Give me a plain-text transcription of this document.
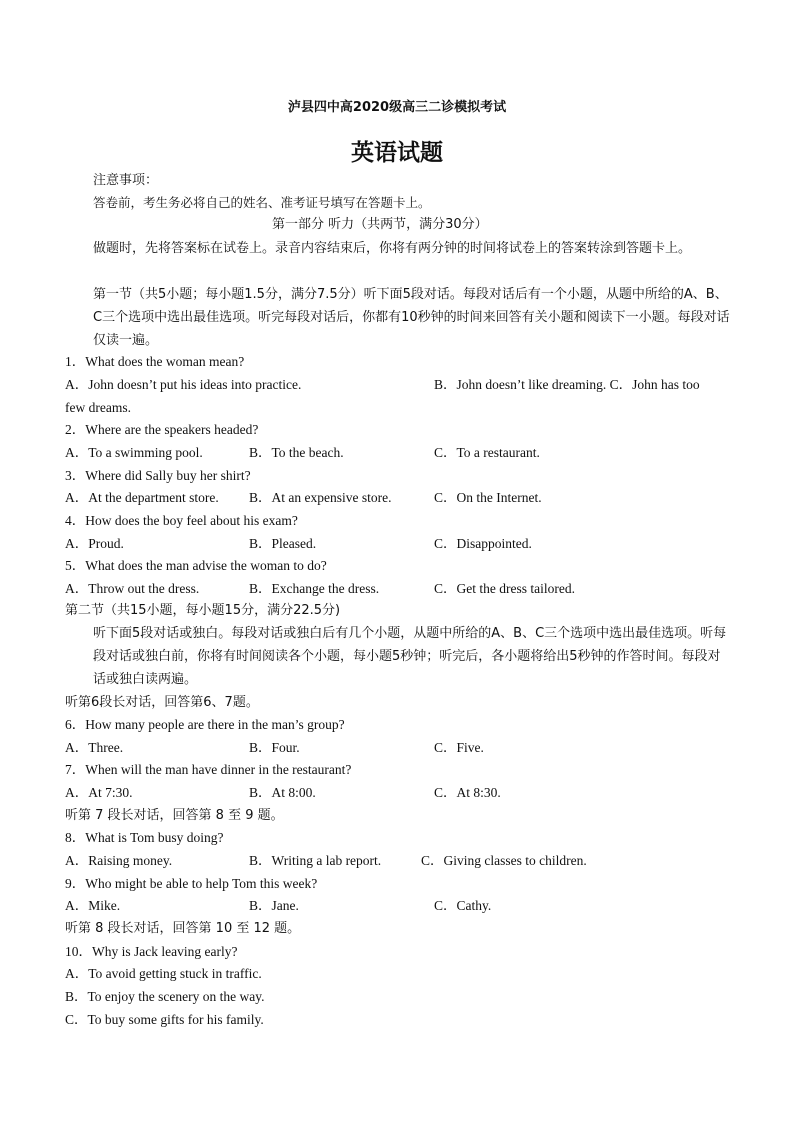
泸县四中高2020级高三二诊模拟考试
英语试题
注意事项：
答卷前，考生务必将自己的姓名、准考证号填写在答题卡上。
第一部分 听力（共两节，满分30分）
做题时，先将答案标在试卷上。录音内容结束后，你将有两分钟的时间将试卷上的答案转涂到答题卡上。
第一节（共5小题；每小题1.5分，满分7.5分）听下面5段对话。每段对话后有一个小题，从题中所给的A、B、C三个选项中选出最佳选项。听完每段对话后，你都有10秒钟的时间来回答有关小题和阅读下一小题。每段对话仅读一遍。
1．What does the woman mean?
A．John doesn’t put his ideas into practice.	B．John doesn’t like dreaming. C．John has too
few dreams.
2．Where are the speakers headed?
A．To a swimming pool.	B．To the beach.	C．To a restaurant.
3．Where did Sally buy her shirt?
A．At the department store. B．At an expensive store.	C．On the Internet.
4．How does the boy feel about his exam?
A．Proud.	B．Pleased.	C．Disappointed.
5．What does the man advise the woman to do?
A．Throw out the dress.	B．Exchange the dress.	C．Get the dress tailored.
第二节（共15小题，每小题15分，满分22.5分)
听下面5段对话或独白。每段对话或独白后有几个小题，从题中所给的A、B、C三个选项中选出最佳选项。听每段对话或独白前，你将有时间阅读各个小题，每小题5秒钟；听完后，各小题将给出5秒钟的作答时间。每段对话或独白读两遍。
听第6段长对话，回答第6、7题。
6．How many people are there in the man’s group?
A．Three.	B．Four.	C．Five.
7．When will the man have dinner in the restaurant?
A．At 7:30.	B．At 8:00.	C．At 8:30.
听第 7 段长对话，回答第 8 至 9 题。
8．What is Tom busy doing?
A．Raising money.	B．Writing a lab report.	C．Giving classes to children.
9．Who might be able to help Tom this week?
A．Mike.	B．Jane.	C．Cathy.
听第 8 段长对话，回答第 10 至 12 题。
10．Why is Jack leaving early?
A．To avoid getting stuck in traffic.
B．To enjoy the scenery on the way.
C．To buy some gifts for his family.
